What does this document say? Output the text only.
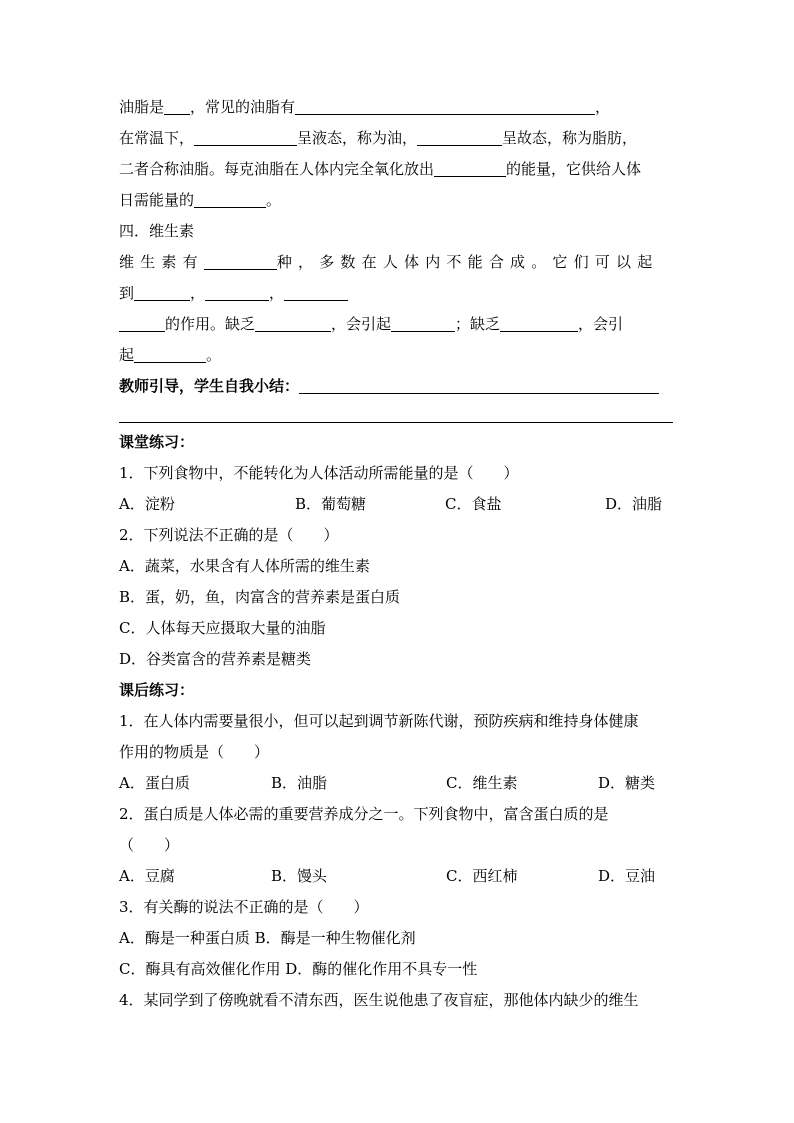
油脂是 ，常见的油脂有	，
在常温下，	呈液态，称为油，	呈故态，称为脂肪，
二者合称油脂。每克油脂在人体内完全氧化放出	的能量，它供给人体
日需能量的	。
四．维生素
维生素有	种，多数在人体内不能合成。它们可以起
到	，	，
的作用。缺乏	，会引起	；缺乏	，会引
起	。
教师引导，学生自我小结：
课堂练习：
1．下列食物中，不能转化为人体活动所需能量的是（　　）
A．淀粉	B．葡萄糖	C．食盐	D．油脂
2．下列说法不正确的是（　　）
A．蔬菜，水果含有人体所需的维生素
B．蛋，奶，鱼，肉富含的营养素是蛋白质
C．人体每天应摄取大量的油脂
D．谷类富含的营养素是糖类
课后练习：
1．在人体内需要量很小，但可以起到调节新陈代谢，预防疾病和维持身体健康
作用的物质是（　　）
A．蛋白质	B．油脂	C．维生素	D．糖类
2．蛋白质是人体必需的重要营养成分之一。下列食物中，富含蛋白质的是
（　　）
A．豆腐	B．馒头	C．西红柿	D．豆油
3．有关酶的说法不正确的是（　　）
A．酶是一种蛋白质 B．酶是一种生物催化剂
C．酶具有高效催化作用 D．酶的催化作用不具专一性
4．某同学到了傍晚就看不清东西，医生说他患了夜盲症，那他体内缺少的维生
